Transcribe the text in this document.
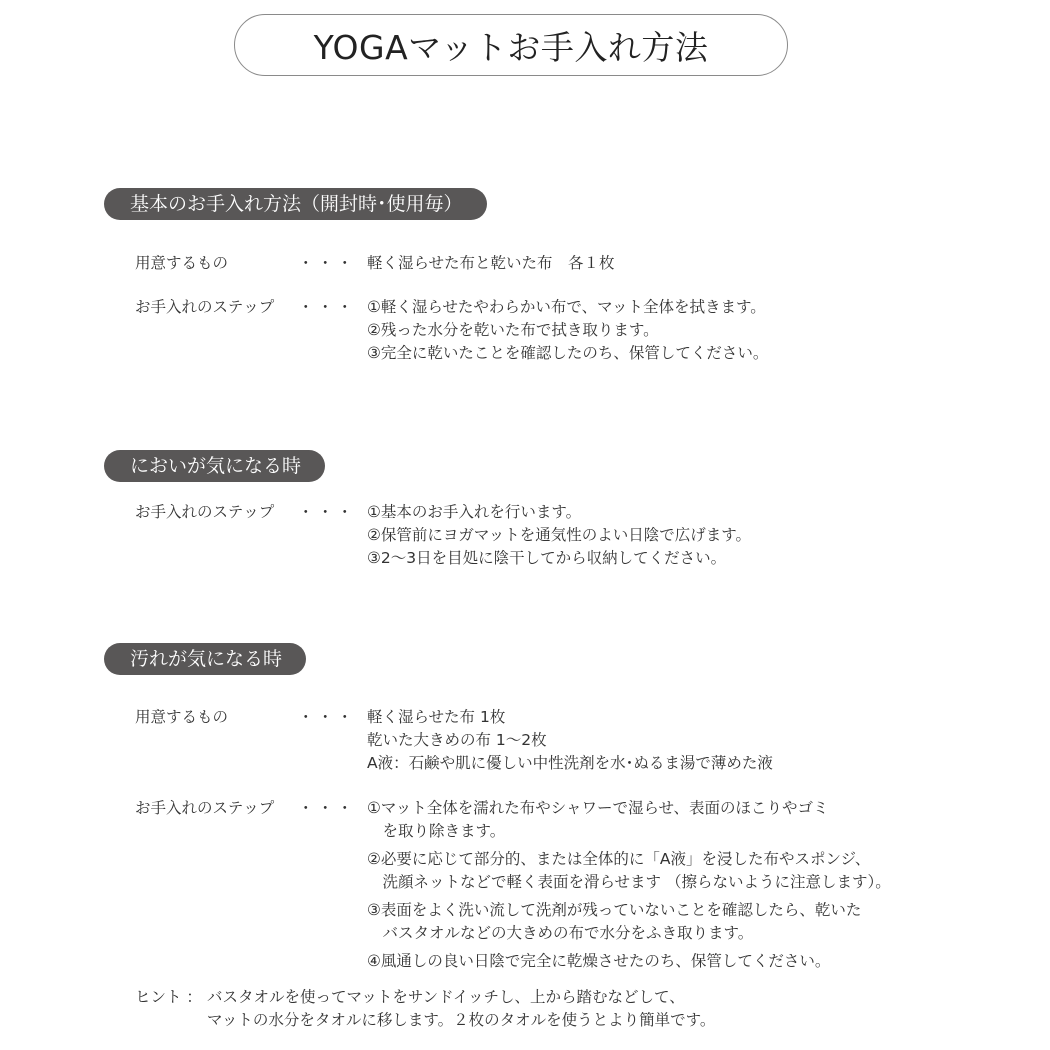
YOGAマットお手入れ方法
基本のお手入れ方法（開封時･使用毎）
用意するもの	・・・ 軽く湿らせた布と乾いた布　各１枚
お手入れのステップ ・・・ ①軽く湿らせたやわらかい布で、マット全体を拭きます。
②残った水分を乾いた布で拭き取ります。
③完全に乾いたことを確認したのち、保管してください。
においが気になる時
お手入れのステップ ・・・ ①基本のお手入れを行います。
②保管前にヨガマットを通気性のよい日陰で広げます。
③2～3日を目処に陰干してから収納してください。
汚れが気になる時
用意するもの	・・・ 軽く湿らせた布 1枚
乾いた大きめの布 1～2枚
A液：石鹸や肌に優しい中性洗剤を水･ぬるま湯で薄めた液
お手入れのステップ ・・・ ①マット全体を濡れた布やシャワーで湿らせ、表面のほこりやゴミ
　を取り除きます。
②必要に応じて部分的、または全体的に「A液」を浸した布やスポンジ、
　洗顔ネットなどで軽く表面を滑らせます （擦らないように注意します）。
③表面をよく洗い流して洗剤が残っていないことを確認したら、乾いた
　バスタオルなどの大きめの布で水分をふき取ります。
④風通しの良い日陰で完全に乾燥させたのち、保管してください。
ヒント ： バスタオルを使ってマットをサンドイッチし、上から踏むなどして、
マットの水分をタオルに移します。２枚のタオルを使うとより簡単です。
